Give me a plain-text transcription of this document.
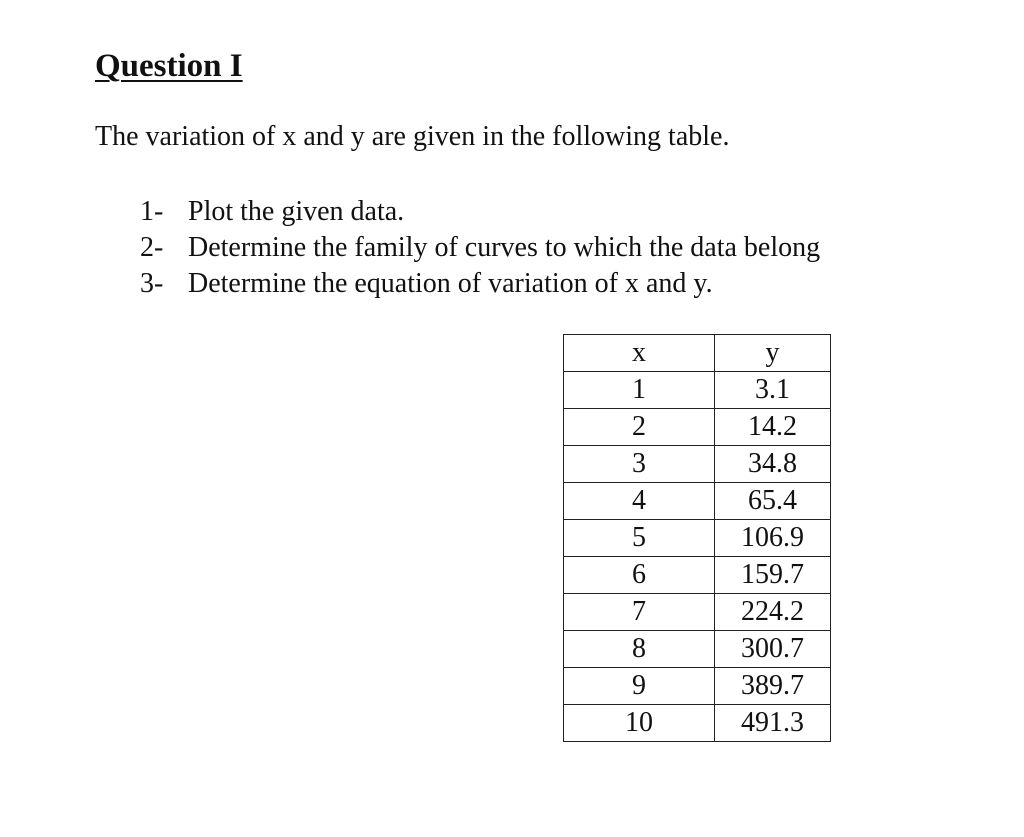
Question I

The variation of x and y are given in the following table.

1- Plot the given data.
2- Determine the family of curves to which the data belong
3- Determine the equation of variation of x and y.
x	y
1	3.1
2	14.2
3	34.8
4	65.4
5	106.9
6	159.7
7	224.2
8	300.7
9	389.7
10	491.3
